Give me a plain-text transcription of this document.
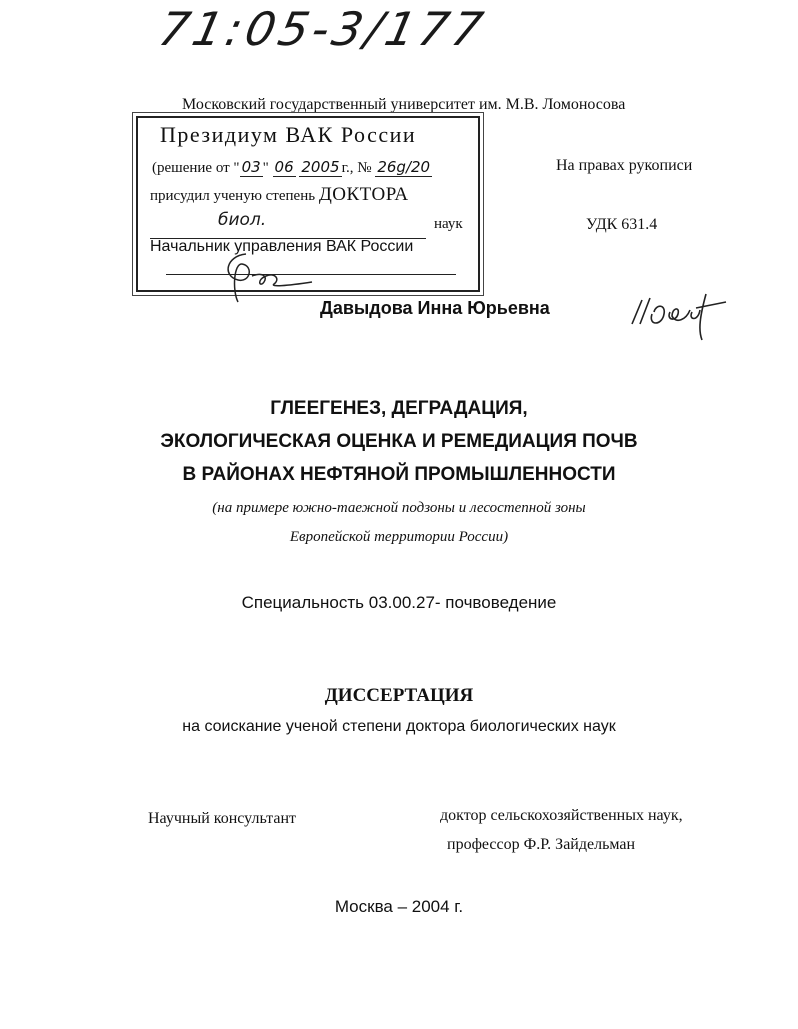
71:05-3/177
Московский государственный университет им. М.В. Ломоносова
Президиум ВАК России
(решение от " 03 " 06 2005 г., № 26g/20
присудил ученую степень ДОКТОРА
биол.	наук
Начальник управления ВАК России
На правах рукописи
УДК 631.4
Давыдова Инна Юрьевна
ГЛЕЕГЕНЕЗ, ДЕГРАДАЦИЯ,
ЭКОЛОГИЧЕСКАЯ ОЦЕНКА И РЕМЕДИАЦИЯ ПОЧВ
В РАЙОНАХ НЕФТЯНОЙ ПРОМЫШЛЕННОСТИ
(на примере южно-таежной подзоны и лесостепной зоны
Европейской территории России)
Специальность 03.00.27- почвоведение
ДИССЕРТАЦИЯ
на соискание ученой степени доктора биологических наук
Научный консультант	доктор сельскохозяйственных наук,
профессор Ф.Р. Зайдельман
Москва – 2004 г.
